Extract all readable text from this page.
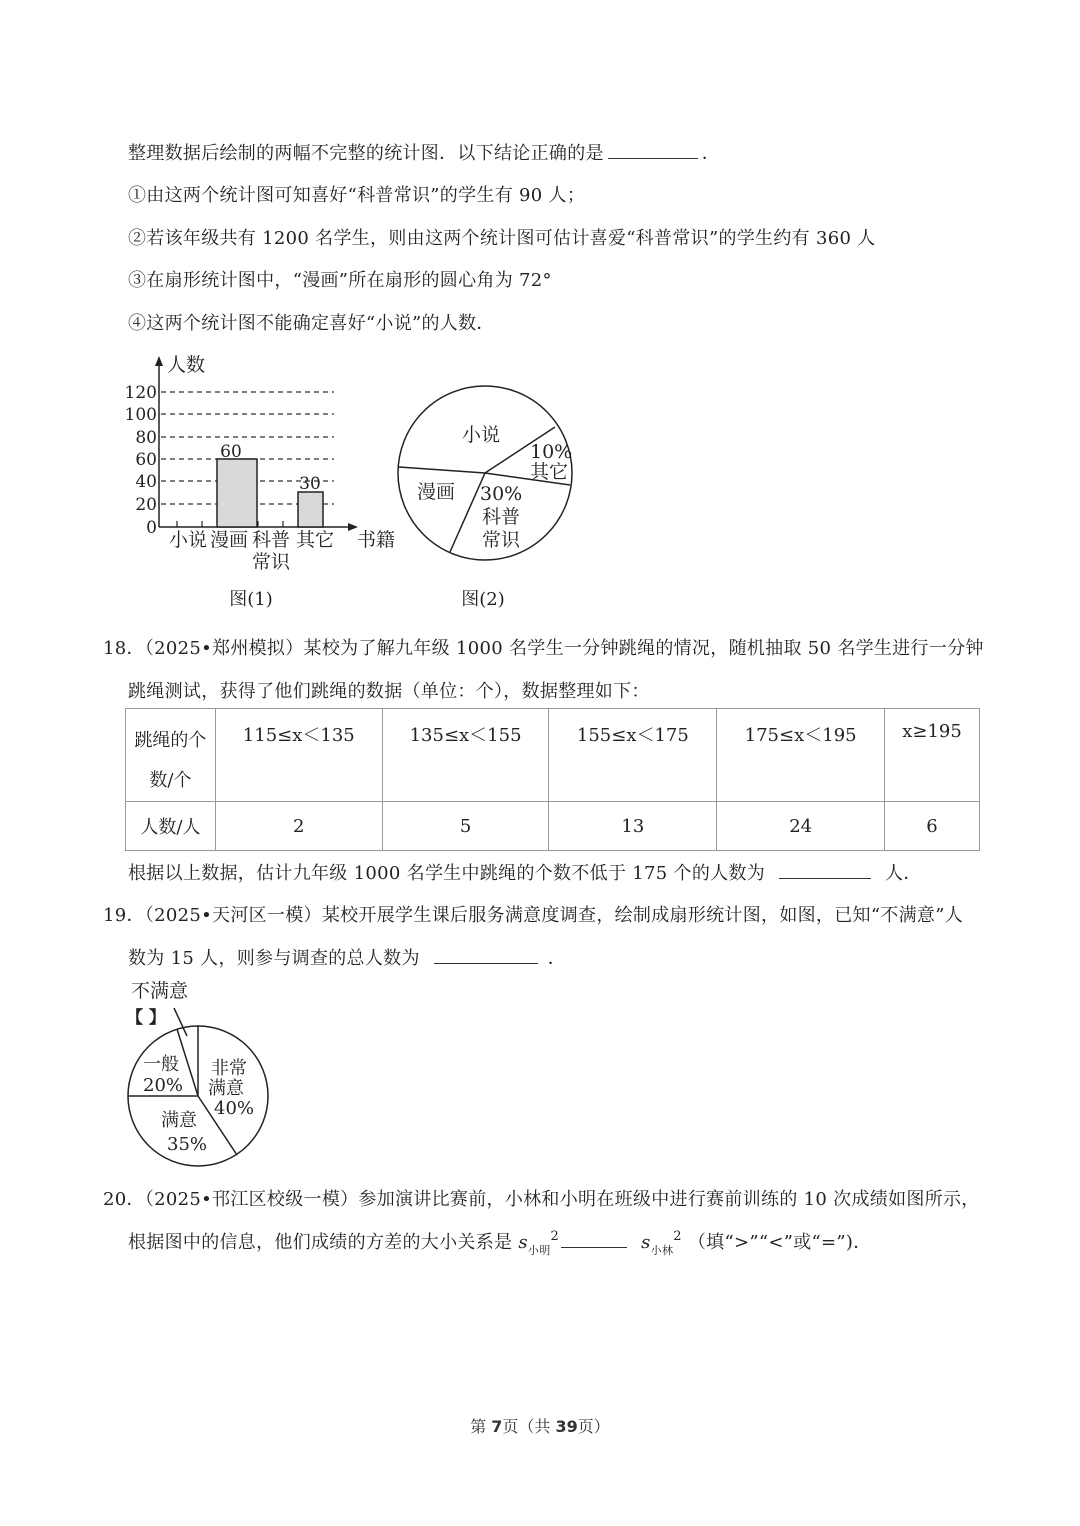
整理数据后绘制的两幅不完整的统计图．以下结论正确的是	．
①由这两个统计图可知喜好“科普常识”的学生有 90 人；
②若该年级共有 1200 名学生，则由这两个统计图可估计喜爱“科普常识”的学生约有 360 人
③在扇形统计图中，“漫画”所在扇形的圆心角为 72°
④这两个统计图不能确定喜好“小说”的人数．
120
100
80
60
40
20
0
人数
书籍
60
30
小说 漫画 科普
常识
其它
图(1)
小说
10%
其它
漫画 30%
科普
常识
图(2)
18．（2025•郑州模拟）某校为了解九年级 1000 名学生一分钟跳绳的情况，随机抽取 50 名学生进行一分钟
跳绳测试，获得了他们跳绳的数据（单位：个），数据整理如下：
跳绳的个
数/个	115≤x＜135	135≤x＜155	155≤x＜175	175≤x＜195	x≥195
人数/人	2	5	13	24	6
根据以上数据，估计九年级 1000 名学生中跳绳的个数不低于 175 个的人数为	人．
19．（2025•天河区一模）某校开展学生课后服务满意度调查，绘制成扇形统计图，如图，已知“不满意”人
数为 15 人，则参与调查的总人数为	．
不满意
【 】
一般
20%
非常
满意
40%
满意
35%
20．（2025•邗江区校级一模）参加演讲比赛前，小林和小明在班级中进行赛前训练的 10 次成绩如图所示，
根据图中的信息，他们成绩的方差的大小关系是 $s_{小明}^2$	$s_{小林}^2$ （填“>”“<”或“=”)．
第 7页（共 39页）
